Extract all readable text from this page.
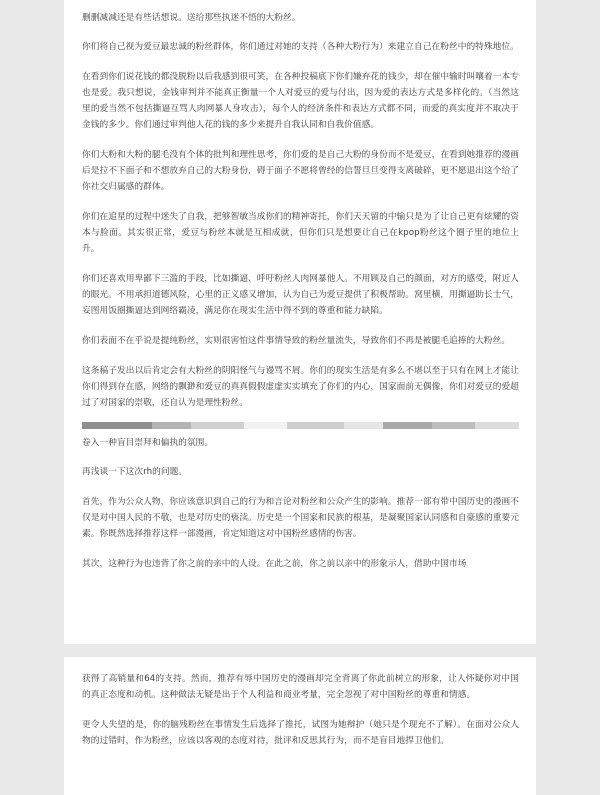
删删减减还是有些话想说。送给那些执迷不悟的大粉丝。

你们将自己视为爱豆最忠诚的粉丝群体，你们通过对她的支持（各种大粉行为）来建立自己在粉丝中的特殊地位。

在看到你们说花钱的都没脱粉以后我感到很可笑，在各种投稿底下你们嫌弃花的钱少，却在催中输时叫嚷着一本专也是爱。我只想说，金钱审判并不能真正衡量一个人对爱豆的爱与付出，因为爱的表达方式是多样化的。（当然这里的爱当然不包括撕逼互骂人肉网暴人身攻击），每个人的经济条件和表达方式都不同，而爱的真实度并不取决于金钱的多少。你们通过审判他人花的钱的多少来提升自我认同和自我价值感。

你们大粉和大粉的腿毛没有个体的批判和理性思考，你们爱的是自己大粉的身份而不是爱豆，在看到她推荐的漫画后是拉不下面子和不想放弃自己的大粉身份，碍于面子不愿将曾经的信誓旦旦变得支离破碎，更不愿退出这个给了你社交归属感的群体。

你们在追星的过程中迷失了自我，把够智敏当成你们的精神寄托，你们天天留的中输只是为了让自己更有炫耀的资本与脸面。其实很正常，爱豆与粉丝本就是互相成就，但你们只是想要让自己在kpop粉丝这个圈子里的地位上升。

你们还喜欢用卑鄙下三滥的手段，比如撕逼、呼吁粉丝人肉网暴他人。不用顾及自己的颜面，对方的感受，附近人的眼光。不用承担道德风险，心里的正义感又增加，认为自己为爱豆提供了积极帮助。窝里横，用撕逼助长士气，妄图用饭圈撕逼达到网络霸凌，满足你在现实生活中得不到的尊重和能力缺陷。

你们表面不在乎说是提纯粉丝，实则很害怕这件事情导致的粉丝量流失，导致你们不再是被腿毛追捧的大粉丝。

这条稿子发出以后肯定会有大粉丝的阴阳怪气与谩骂不屑。你们的现实生活是有多么不堪以至于只有在网上才能让你们得到存在感，网络的飘渺和爱豆的真真假假虚虚实实填充了你们的内心，国家面前无偶像，你们对爱豆的爱超过了对国家的崇敬，还自认为是理性粉丝。

卷入一种盲目崇拜和偏执的氛围。

再浅谈一下这次rh的问题。

首先，作为公众人物，你应该意识到自己的行为和言论对粉丝和公众产生的影响。推荐一部有带中国历史的漫画不仅是对中国人民的不敬，也是对历史的亵渎。历史是一个国家和民族的根基，是凝聚国家认同感和自豪感的重要元素。你既然选择推荐这样一部漫画，肯定知道这对中国粉丝感情的伤害。

其次，这种行为也违背了你之前的亲中的人设。在此之前，你之前以亲中的形象示人，借助中国市场

获得了高销量和64的支持。然而，推荐有辱中国历史的漫画却完全背离了你此前树立的形象，让人怀疑你对中国的真正态度和动机。这种做法无疑是出于个人利益和商业考量，完全忽视了对中国粉丝的尊重和情感。

更令人失望的是，你的脑残粉丝在事情发生后选择了推托，试图为她辩护（她只是个现充不了解）。在面对公众人物的过错时，作为粉丝，应该以客观的态度对待，批评和反思其行为，而不是盲目地捍卫他们。
